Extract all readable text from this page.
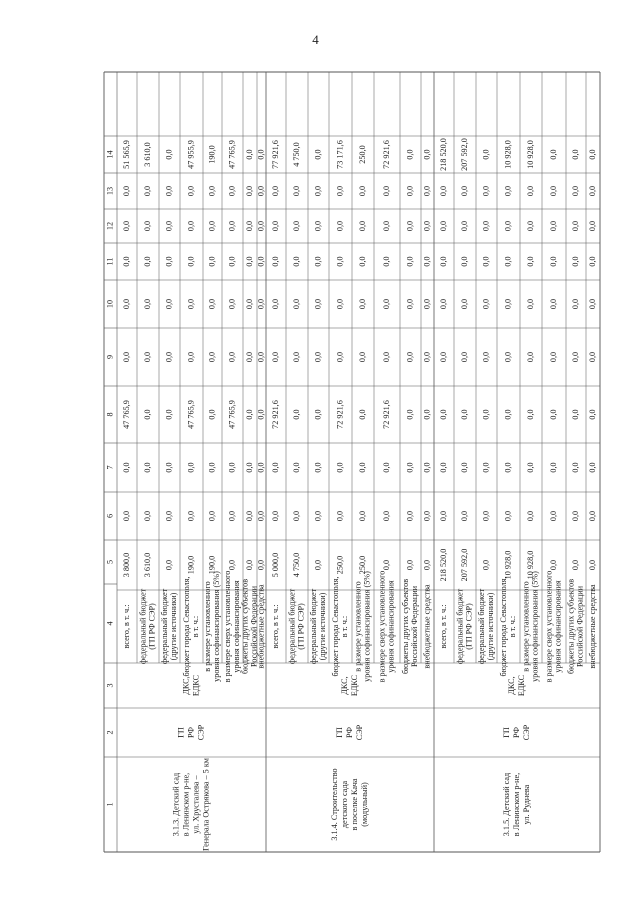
4
1
2
3
4
5
6
7
8
9
10
11
12
13
14
3.1.3. Детский сад в Ленинском р-не, ул. Хрусталева – Генерала Острякова – 5 км
ГП РФ СЭР
ДКС, ЕДКС
всего, в т. ч.:
3 800,0
0,0
0,0
47 765,9
0,0
0,0
0,0
0,0
0,0
51 565,9
федеральный бюджет (ГП РФ СЭР)
3 610,0
0,0
0,0
0,0
0,0
0,0
0,0
0,0
0,0
3 610,0
федеральный бюджет (другие источники)
0,0
0,0
0,0
0,0
0,0
0,0
0,0
0,0
0,0
0,0
бюджет города Севастополя, в т. ч.:
190,0
0,0
0,0
47 765,9
0,0
0,0
0,0
0,0
0,0
47 955,9
в размере установленного уровня софинансирования (5%)
190,0
0,0
0,0
0,0
0,0
0,0
0,0
0,0
0,0
190,0
в размере сверх установленного уровня софинансирования
0,0
0,0
0,0
47 765,9
0,0
0,0
0,0
0,0
0,0
47 765,9
бюджеты других субъектов Российской Федерации
0,0
0,0
0,0
0,0
0,0
0,0
0,0
0,0
0,0
0,0
внебюджетные средства
0,0
0,0
0,0
0,0
0,0
0,0
0,0
0,0
0,0
0,0
3.1.4. Строительство детского сада в поселке Кача (модульный)
ГП РФ СЭР
ДКС, ЕДКС
всего, в т. ч.:
5 000,0
0,0
0,0
72 921,6
0,0
0,0
0,0
0,0
0,0
77 921,6
федеральный бюджет (ГП РФ СЭР)
4 750,0
0,0
0,0
0,0
0,0
0,0
0,0
0,0
0,0
4 750,0
федеральный бюджет (другие источники)
0,0
0,0
0,0
0,0
0,0
0,0
0,0
0,0
0,0
0,0
бюджет города Севастополя, в т. ч.:
250,0
0,0
0,0
72 921,6
0,0
0,0
0,0
0,0
0,0
73 171,6
в размере установленного уровня софинансирования (5%)
250,0
0,0
0,0
0,0
0,0
0,0
0,0
0,0
0,0
250,0
в размере сверх установленного уровня софинансирования
0,0
0,0
0,0
72 921,6
0,0
0,0
0,0
0,0
0,0
72 921,6
бюджеты других субъектов Российской Федерации
0,0
0,0
0,0
0,0
0,0
0,0
0,0
0,0
0,0
0,0
внебюджетные средства
0,0
0,0
0,0
0,0
0,0
0,0
0,0
0,0
0,0
0,0
3.1.5. Детский сад в Ленинском р-не, ул. Руднева
ГП РФ СЭР
ДКС, ЕДКС
всего, в т. ч.:
218 520,0
0,0
0,0
0,0
0,0
0,0
0,0
0,0
0,0
218 520,0
федеральный бюджет (ГП РФ СЭР)
207 592,0
0,0
0,0
0,0
0,0
0,0
0,0
0,0
0,0
207 592,0
федеральный бюджет (другие источники)
0,0
0,0
0,0
0,0
0,0
0,0
0,0
0,0
0,0
0,0
бюджет города Севастополя, в т. ч.:
10 928,0
0,0
0,0
0,0
0,0
0,0
0,0
0,0
0,0
10 928,0
в размере установленного уровня софинансирования (5%)
10 928,0
0,0
0,0
0,0
0,0
0,0
0,0
0,0
0,0
10 928,0
в размере сверх установленного уровня софинансирования
0,0
0,0
0,0
0,0
0,0
0,0
0,0
0,0
0,0
0,0
бюджеты других субъектов Российской Федерации
0,0
0,0
0,0
0,0
0,0
0,0
0,0
0,0
0,0
0,0
внебюджетные средства
0,0
0,0
0,0
0,0
0,0
0,0
0,0
0,0
0,0
0,0
